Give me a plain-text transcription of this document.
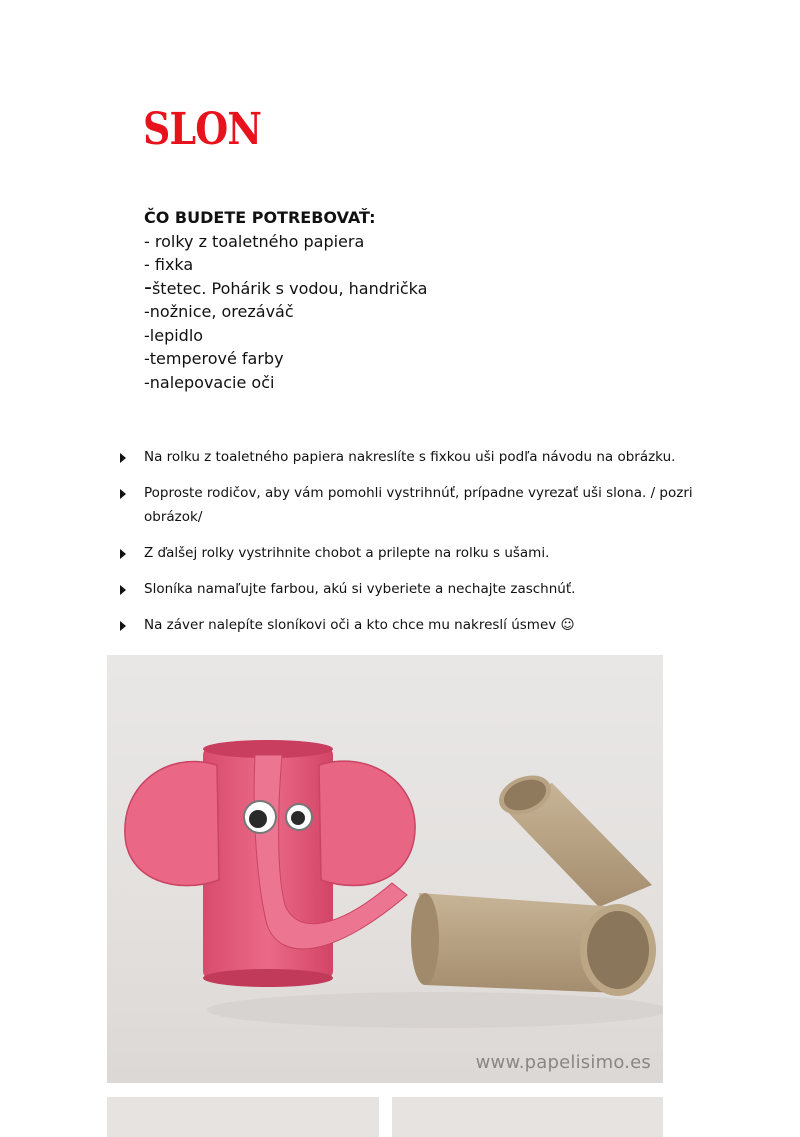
SLON
ČO BUDETE POTREBOVAŤ:
- rolky z toaletného papiera
- fixka
-štetec. Pohárik s vodou, handrička
-nožnice, orezáváč
-lepidlo
-temperové farby
-nalepovacie oči
Na rolku z toaletného papiera nakreslíte s fixkou uši podľa návodu na obrázku.
Poproste rodičov, aby vám pomohli vystrihnúť, prípadne vyrezať uši slona. / pozri obrázok/
Z ďalšej rolky vystrihnite chobot a prilepte na rolku s ušami.
Sloníka namaľujte farbou, akú si vyberiete a nechajte zaschnúť.
Na záver nalepíte sloníkovi oči a kto chce mu nakreslí úsmev ☺
www.papelisimo.es
